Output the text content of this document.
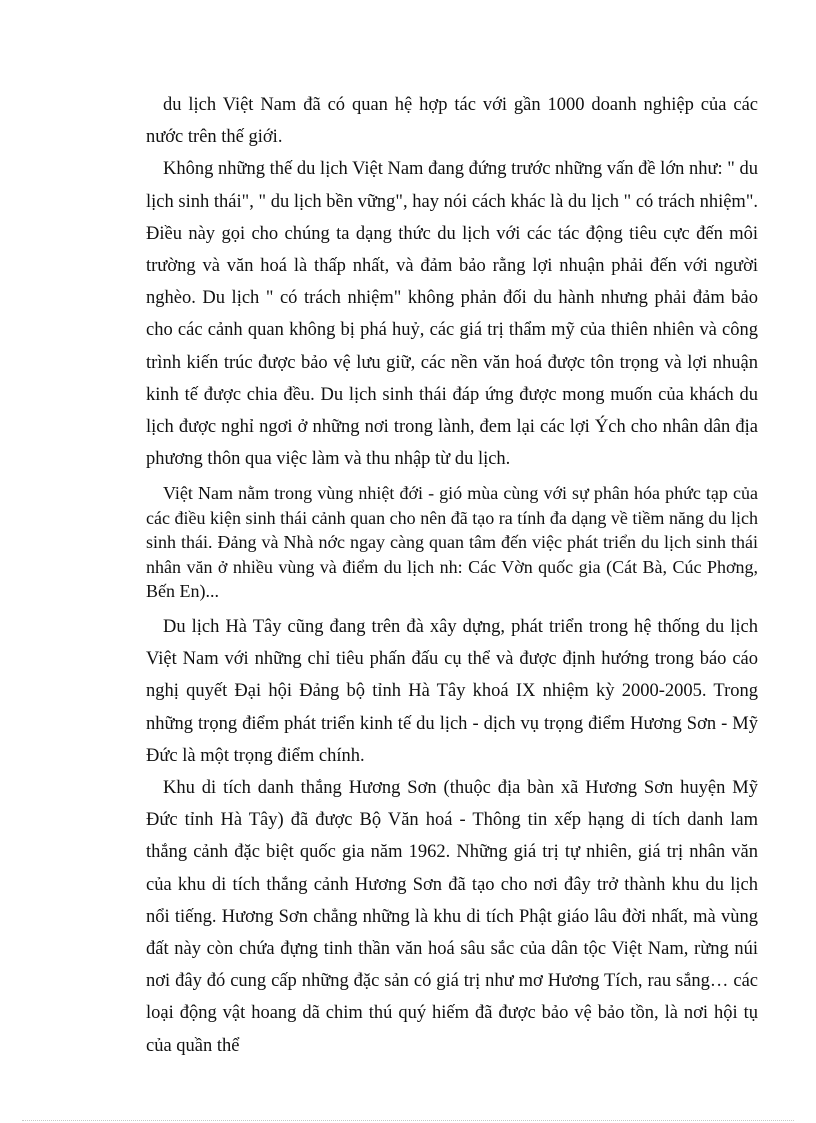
du lịch Việt Nam đã có quan hệ hợp tác với gần 1000 doanh nghiệp của các nước trên thế giới.

Không những thế du lịch Việt Nam đang đứng trước những vấn đề lớn như: " du lịch sinh thái", " du lịch bền vững", hay nói cách khác là du lịch " có trách nhiệm". Điều này gọi cho chúng ta dạng thức du lịch với các tác động tiêu cực đến môi trường và văn hoá là thấp nhất, và đảm bảo rằng lợi nhuận phải đến với người nghèo. Du lịch " có trách nhiệm" không phản đối du hành nhưng phải đảm bảo cho các cảnh quan không bị phá huỷ, các giá trị thẩm mỹ của thiên nhiên và công trình kiến trúc được bảo vệ lưu giữ, các nền văn hoá được tôn trọng và lợi nhuận kinh tế được chia đều. Du lịch sinh thái đáp ứng được mong muốn của khách du lịch được nghỉ ngơi ở những nơi trong lành, đem lại các lợi Ých cho nhân dân địa phương thôn qua việc làm và thu nhập từ du lịch.

Việt Nam nằm trong vùng nhiệt đới - gió mùa cùng với sự phân hóa phức tạp của các điều kiện sinh thái cảnh quan cho nên đã tạo ra tính đa dạng về tiềm năng du lịch sinh thái. Đảng và Nhà nớc ngay càng quan tâm đến việc phát triển du lịch sinh thái nhân văn ở nhiều vùng và điểm du lịch nh: Các Vờn quốc gia (Cát Bà, Cúc Phơng, Bến En)...

Du lịch Hà Tây cũng đang trên đà xây dựng, phát triển trong hệ thống du lịch Việt Nam với những chỉ tiêu phấn đấu cụ thể và được định hướng trong báo cáo nghị quyết Đại hội Đảng bộ tỉnh Hà Tây khoá IX nhiệm kỳ 2000-2005. Trong những trọng điểm phát triển kinh tế du lịch - dịch vụ trọng điểm Hương Sơn - Mỹ Đức là một trọng điểm chính.

Khu di tích danh thắng Hương Sơn (thuộc địa bàn xã Hương Sơn huyện Mỹ Đức tỉnh Hà Tây) đã được Bộ Văn hoá - Thông tin xếp hạng di tích danh lam thắng cảnh đặc biệt quốc gia năm 1962. Những giá trị tự nhiên, giá trị nhân văn của khu di tích thắng cảnh Hương Sơn đã tạo cho nơi đây trở thành khu du lịch nổi tiếng. Hương Sơn chẳng những là khu di tích Phật giáo lâu đời nhất, mà vùng đất này còn chứa đựng tinh thần văn hoá sâu sắc của dân tộc Việt Nam, rừng núi nơi đây đó cung cấp những đặc sản có giá trị như mơ Hương Tích, rau sắng… các loại động vật hoang dã chim thú quý hiếm đã được bảo vệ bảo tồn, là nơi hội tụ của quần thể
